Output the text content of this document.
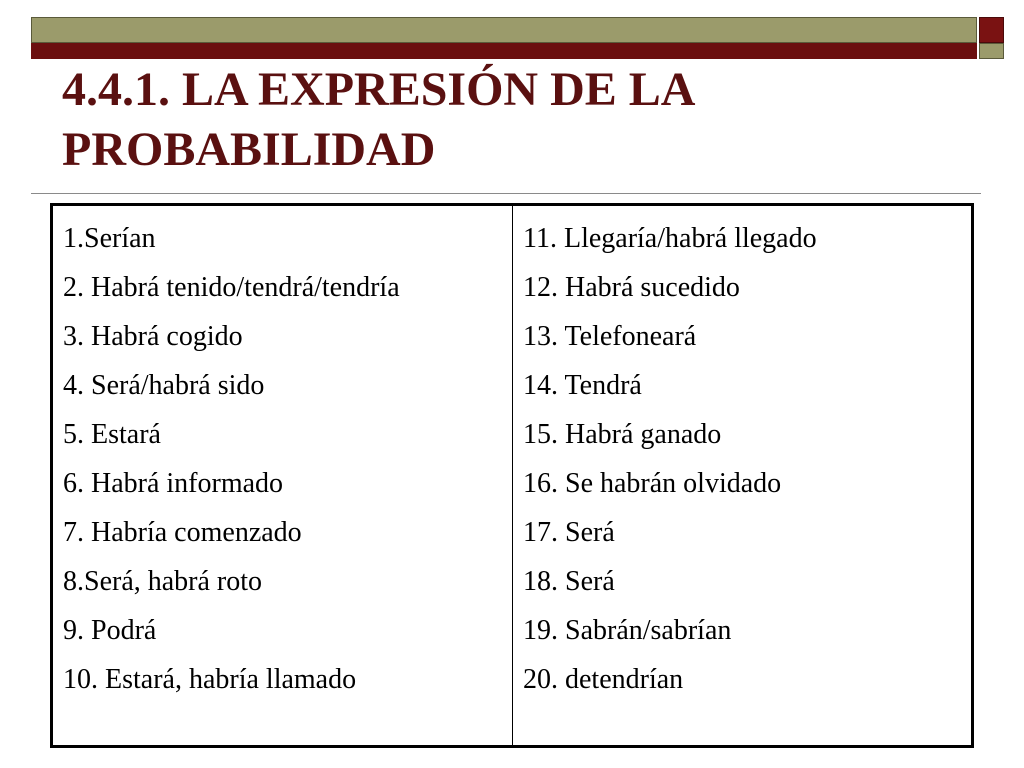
4.4.1. LA EXPRESIÓN DE LA PROBABILIDAD
1.Serían
2. Habrá tenido/tendrá/tendría
3. Habrá cogido
4. Será/habrá sido
5. Estará
6. Habrá informado
7. Habría comenzado
8.Será, habrá roto
9. Podrá
10. Estará, habría llamado
11. Llegaría/habrá llegado
12. Habrá sucedido
13. Telefoneará
14. Tendrá
15. Habrá ganado
16. Se habrán olvidado
17. Será
18. Será
19. Sabrán/sabrían
20. detendrían
